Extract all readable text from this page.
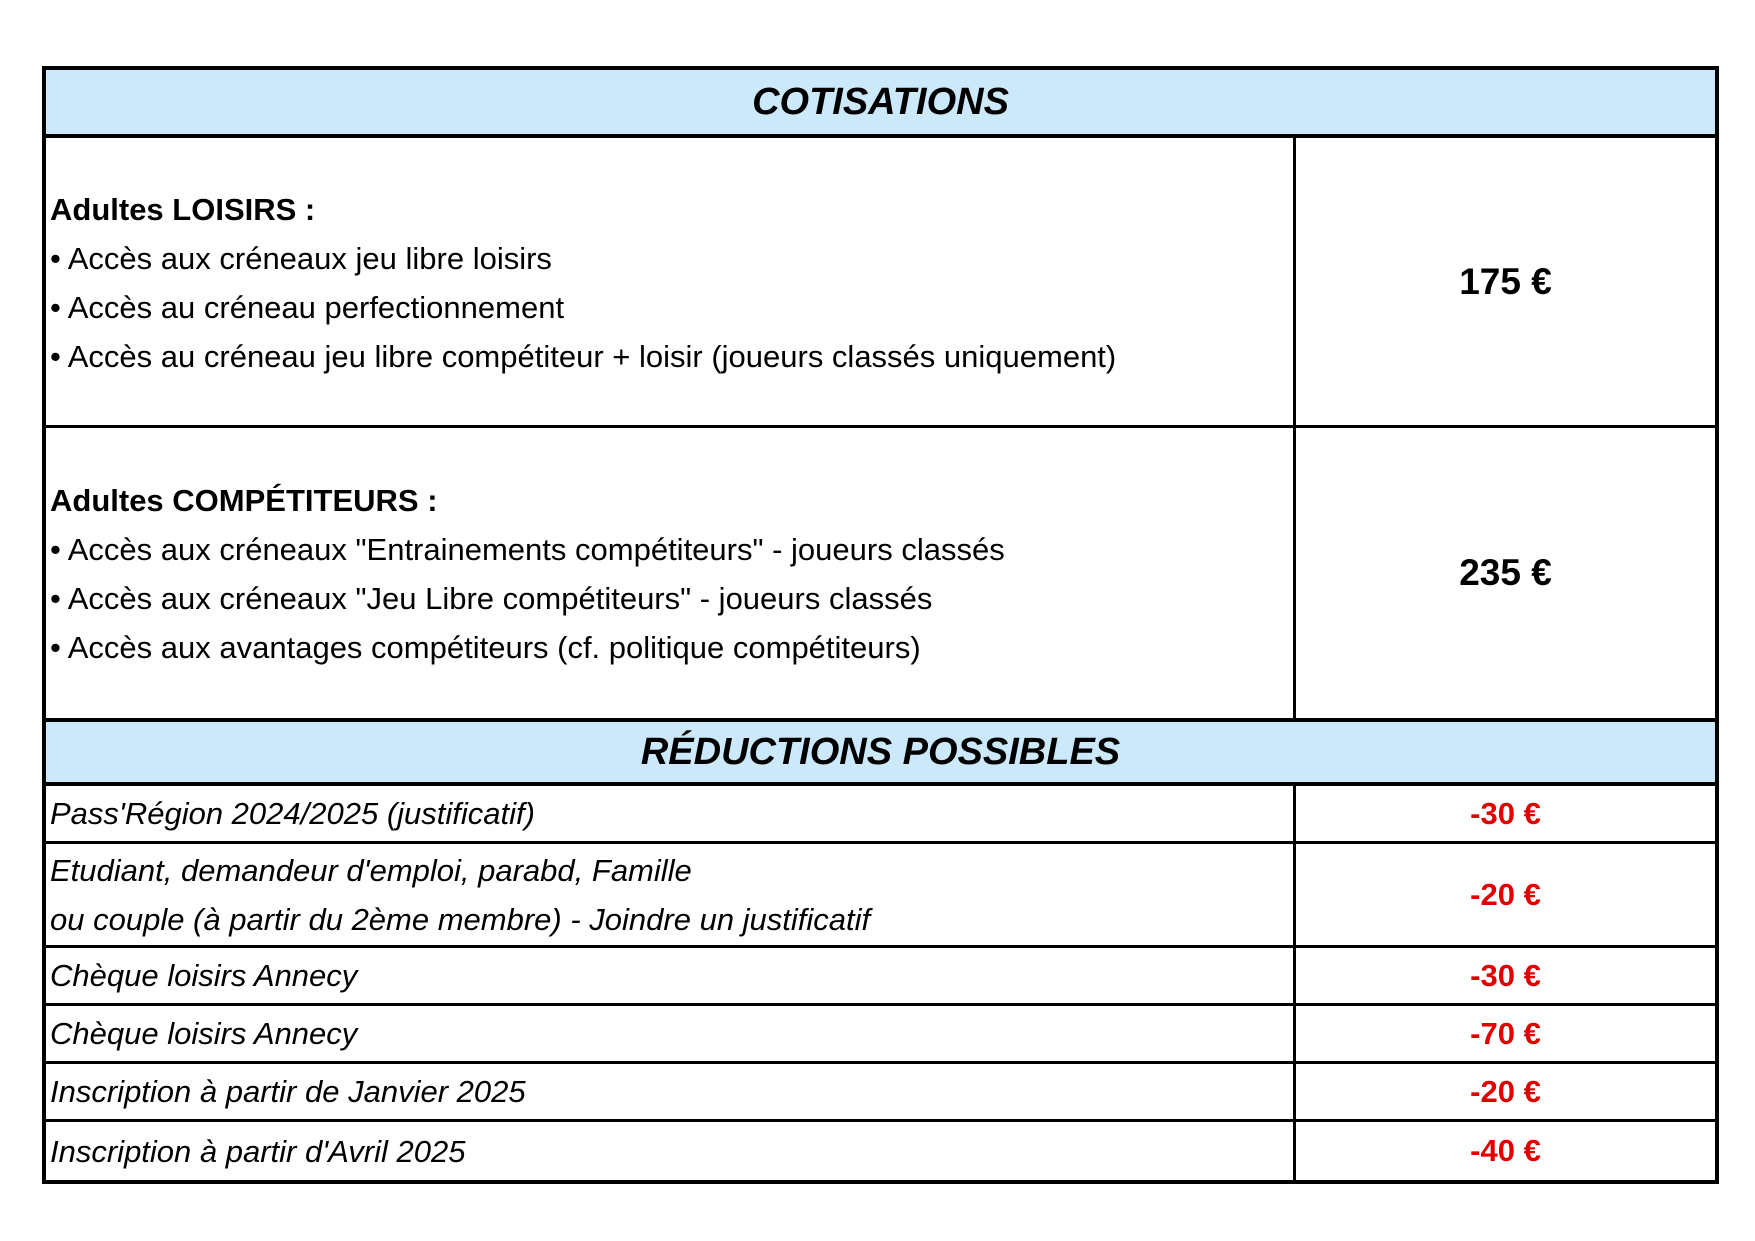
COTISATIONS
Adultes LOISIRS :
• Accès aux créneaux jeu libre loisirs
• Accès au créneau perfectionnement
• Accès au créneau jeu libre compétiteur + loisir (joueurs classés uniquement)
175 €
Adultes COMPÉTITEURS :
• Accès aux créneaux "Entrainements compétiteurs" - joueurs classés
• Accès aux créneaux "Jeu Libre compétiteurs" - joueurs classés
• Accès aux avantages compétiteurs (cf. politique compétiteurs)
235 €
RÉDUCTIONS POSSIBLES
Pass'Région 2024/2025 (justificatif)	-30 €
Etudiant, demandeur d'emploi, parabd, Famille
ou couple (à partir du 2ème membre) - Joindre un justificatif
-20 €
Chèque loisirs Annecy	-30 €
Chèque loisirs Annecy	-70 €
Inscription à partir de Janvier 2025	-20 €
Inscription à partir d'Avril 2025	-40 €
